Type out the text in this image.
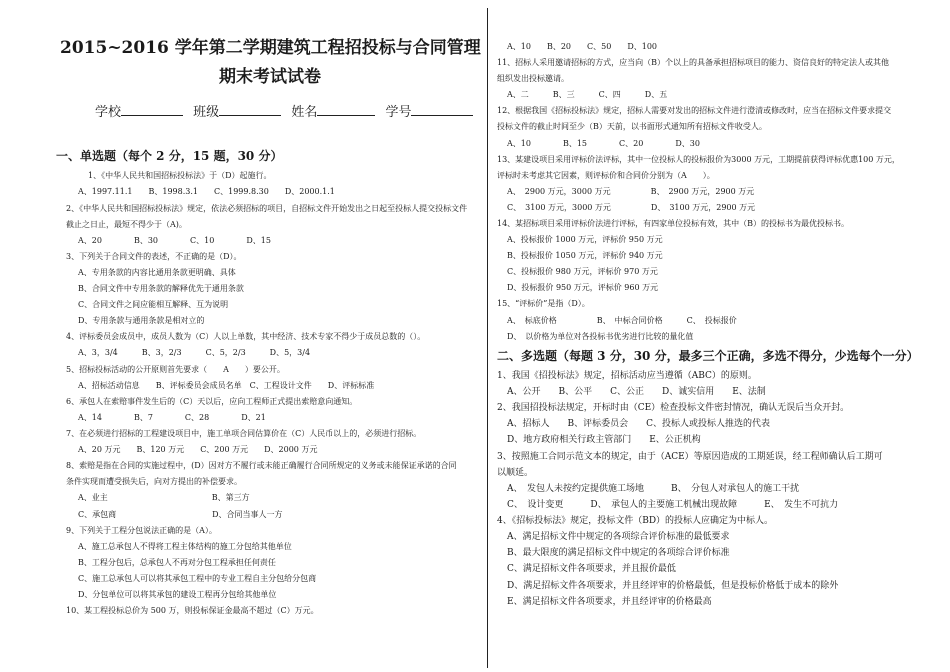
2015~2016 学年第二学期建筑工程招投标与合同管理
期末考试试卷
学校	班级	姓名	学号
一、单选题（每个 2 分，15 题，30 分）
1、《中华人民共和国招标投标法》于（D）起施行。
A、1997.11.1　　B、1998.3.1　　C、1999.8.30　　D、2000.1.1
2、《中华人民共和国招标投标法》规定，依法必须招标的项目，自招标文件开始发出之日起至投标人提交投标文件
截止之日止，最短不得少于（A)。
A、20　　　　B、30　　　　C、10　　　　D、15
3、下列关于合同文件的表述，不正确的是（D）。
A、专用条款的内容比通用条款更明确、具体
B、合同文件中专用条款的解释优先于通用条款
C、合同文件之间应能相互解释、互为说明
D、专用条款与通用条款是相对立的
4、评标委员会成员中，成员人数为（C）人以上单数，其中经济、技术专家不得少于成员总数的（）。
A、3，3/4　　　B、3，2/3　　　C、5，2/3　　　D、5，3/4
5、招标投标活动的公开原则首先要求（　　A　　）要公开。
A、招标活动信息　　B、评标委员会成员名单　C、工程设计文件　　D、评标标准
6、承包人在索赔事件发生后的（C）天以后，应向工程师正式提出索赔意向通知。
A、14　　　　B、7　　　　C、28　　　　D、21
7、在必须进行招标的工程建设项目中，施工单项合同估算价在（C）人民币以上的，必须进行招标。
A、20 万元　　B、120 万元　　C、200 万元　　D、2000 万元
8、索赔是指在合同的实施过程中，(D）因对方不履行或未能正确履行合同所规定的义务或未能保证承诺的合同
条件实现而遭受损失后，向对方提出的补偿要求。
A、业主　　　　　　　　　　　　　B、第三方
C、承包商　　　　　　　　　　　　D、合同当事人一方
9、下列关于工程分包说法正确的是（A）。
A、施工总承包人不得将工程主体结构的施工分包给其他单位
B、工程分包后，总承包人不再对分包工程承担任何责任
C、施工总承包人可以将其承包工程中的专业工程自主分包给分包商
D、分包单位可以将其承包的建设工程再分包给其他单位
10、某工程投标总价为 500 万，则投标保证金最高不超过（C）万元。
A、10　　B、20　　C、50　　D、100
11、招标人采用邀请招标的方式，应当向（B）个以上的具备承担招标项目的能力、资信良好的特定法人或其他
组织发出投标邀请。
A、二　　　B、三　　　C、四　　　D、五
12、根据我国《招标投标法》规定，招标人需要对发出的招标文件进行澄清或修改时，应当在招标文件要求提交
投标文件的截止时间至少（B）天前，以书面形式通知所有招标文件收受人。
A、10　　　　B、15　　　　C、20　　　　D、30
13、某建设项目采用评标价法评标，其中一位投标人的投标报价为3000 万元，工期提前获得评标优惠100 万元，
评标时未考虑其它因素，则评标价和合同价分别为（A　　）。
A、　2900 万元，3000 万元　　　　　B、　2900 万元，2900 万元
C、　3100 万元，3000 万元　　　　　D、　3100 万元，2900 万元
14、某招标项目采用评标价法进行评标，有四家单位投标有效，其中（B）的投标书为最优投标书。
A、投标报价 1000 万元，评标价 950 万元
B、投标报价 1050 万元，评标价 940 万元
C、投标报价 980 万元，评标价 970 万元
D、投标报价 950 万元，评标价 960 万元
15、“评标价”是指（D）。
A、　标底价格　　　　　B、　中标合同价格　　　C、　投标报价
D、　以价格为单位对各投标书优劣进行比较的量化值
二、多选题（每题 3 分，30 分，最多三个正确，多选不得分，少选每个一分）
1、我国《招投标法》规定，招标活动应当遵循（ABC）的原则。
A、公开　　B、公平　　C、公正　　D、诚实信用　　E、法制
2、我国招投标法规定，开标时由（CE）检查投标文件密封情况，确认无误后当众开封。
A、招标人　　B、评标委员会　　C、投标人或投标人推选的代表
D、地方政府相关行政主管部门　　E、公正机构
3、按照施工合同示范文本的规定，由于（ACE）等原因造成的工期延误，经工程师确认后工期可
以顺延。
A、　发包人未按约定提供施工场地　　　B、　分包人对承包人的施工干扰
C、　设计变更　　　D、　承包人的主要施工机械出现故障　　　E、　发生不可抗力
4、《招标投标法》规定，投标文件（BD）的投标人应确定为中标人。
A、满足招标文件中规定的各项综合评价标准的最低要求
B、最大限度的满足招标文件中规定的各项综合评价标准
C、满足招标文件各项要求，并且报价最低
D、满足招标文件各项要求，并且经评审的价格最低，但是投标价格低于成本的除外
E、满足招标文件各项要求，并且经评审的价格最高
